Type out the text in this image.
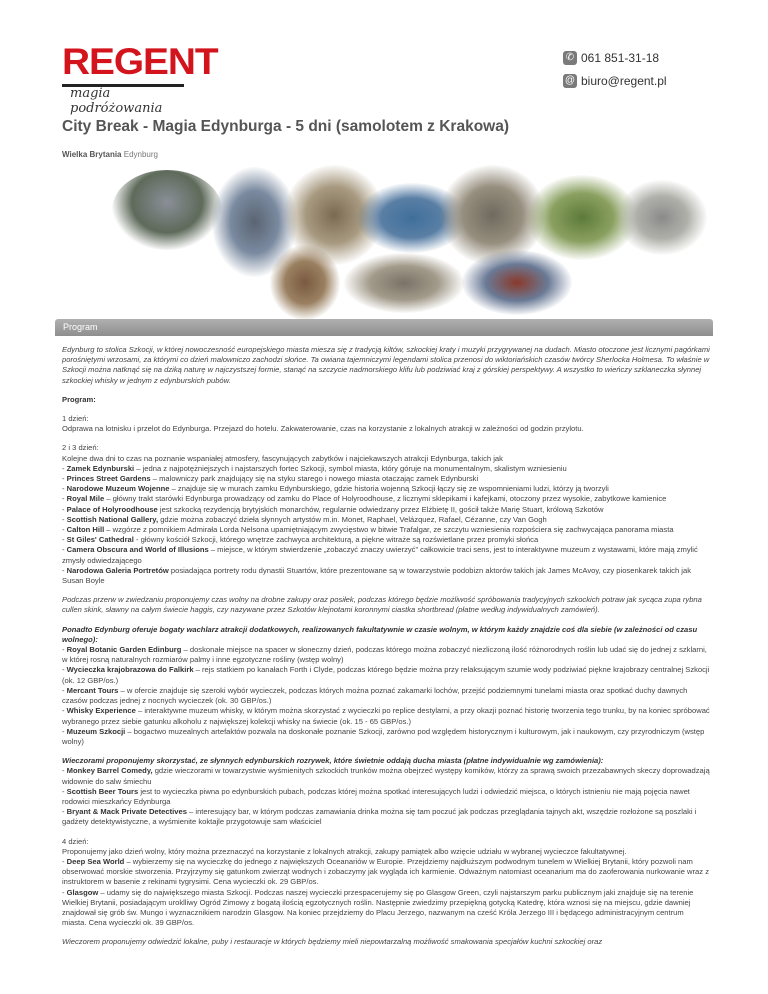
REGENT
magia podróżowania
✆ 061 851-31-18
@ biuro@regent.pl
City Break - Magia Edynburga - 5 dni (samolotem z Krakowa)
Wielka Brytania Edynburg
Program

Edynburg to stolica Szkocji, w której nowoczesność europejskiego miasta miesza się z tradycją kiltów, szkockiej kraty i muzyki przygrywanej na dudach. Miasto otoczone jest licznymi pagórkami porośniętymi wrzosami, za którymi co dzień malowniczo zachodzi słońce. Ta owiana tajemniczymi legendami stolica przenosi do wiktoriańskich czasów twórcy Sherlocka Holmesa. To właśnie w Szkocji można natknąć się na dziką naturę w najczystszej formie, stanąć na szczycie nadmorskiego klifu lub podziwiać kraj z górskiej perspektywy. A wszystko to wieńczy szklaneczka słynnej szkockiej whisky w jednym z edynburskich pubów.

Program:

1 dzień:
Odprawa na lotnisku i przelot do Edynburga. Przejazd do hotelu. Zakwaterowanie, czas na korzystanie z lokalnych atrakcji w zależności od godzin przylotu.

2 i 3 dzień:
Kolejne dwa dni to czas na poznanie wspaniałej atmosfery, fascynujących zabytków i najciekawszych atrakcji Edynburga, takich jak
- Zamek Edynburski – jedna z najpotężniejszych i najstarszych fortec Szkocji, symbol miasta, który góruje na monumentalnym, skalistym wzniesieniu
- Princes Street Gardens – malowniczy park znajdujący się na styku starego i nowego miasta otaczając zamek Edynburski
- Narodowe Muzeum Wojenne – znajduje się w murach zamku Edynburskiego, gdzie historia wojenną Szkocji łączy się ze wspomnieniami ludzi, którzy ją tworzyli
- Royal Mile – główny trakt starówki Edynburga prowadzący od zamku do Place of Holyroodhouse, z licznymi sklepikami i kafejkami, otoczony przez wysokie, zabytkowe kamienice
- Palace of Holyroodhouse jest szkocką rezydencją brytyjskich monarchów, regularnie odwiedzany przez Elżbietę II, gościł także Marię Stuart, królową Szkotów
- Scottish National Gallery, gdzie można zobaczyć dzieła słynnych artystów m.in. Monet, Raphael, Velázquez, Rafael, Cézanne, czy Van Gogh
- Calton Hill – wzgórze z pomnikiem Admirała Lorda Nelsona upamiętniającym zwycięstwo w bitwie Trafalgar, ze szczytu wzniesienia rozpościera się zachwycająca panorama miasta
- St Giles' Cathedral - główny kościół Szkocji, którego wnętrze zachwyca architekturą, a piękne witraże są rozświetlane przez promyki słońca
- Camera Obscura and World of Illusions – miejsce, w którym stwierdzenie „zobaczyć znaczy uwierzyć” całkowicie traci sens, jest to interaktywne muzeum z wystawami, które mają zmylić zmysły odwiedzającego
- Narodowa Galeria Portretów posiadająca portrety rodu dynastii Stuartów, które prezentowane są w towarzystwie podobizn aktorów takich jak James McAvoy, czy piosenkarek takich jak Susan Boyle

Podczas przerw w zwiedzaniu proponujemy czas wolny na drobne zakupy oraz posiłek, podczas którego będzie możliwość spróbowania tradycyjnych szkockich potraw jak sycąca zupa rybna cullen skink, sławny na całym świecie haggis, czy nazywane przez Szkotów klejnotami koronnymi ciastka shortbread (płatne według indywidualnych zamówień).

Ponadto Edynburg oferuje bogaty wachlarz atrakcji dodatkowych, realizowanych fakultatywnie w czasie wolnym, w którym każdy znajdzie coś dla siebie (w zależności od czasu wolnego):
- Royal Botanic Garden Edinburg – doskonałe miejsce na spacer w słoneczny dzień, podczas którego można zobaczyć niezliczoną ilość różnorodnych roślin lub udać się do jednej z szklarni, w której rosną naturalnych rozmiarów palmy i inne egzotyczne rośliny (wstęp wolny)
- Wycieczka krajobrazowa do Falkirk – rejs statkiem po kanałach Forth i Clyde, podczas którego będzie można przy relaksującym szumie wody podziwiać piękne krajobrazy centralnej Szkocji (ok. 12 GBP/os.)
- Mercant Tours – w ofercie znajduje się szeroki wybór wycieczek, podczas których można poznać zakamarki lochów, przejść podziemnymi tunelami miasta oraz spotkać duchy dawnych czasów podczas jednej z nocnych wycieczek (ok. 30 GBP/os.)
- Whisky Experience – interaktywne muzeum whisky, w którym można skorzystać z wycieczki po replice destylarni, a przy okazji poznać historię tworzenia tego trunku, by na koniec spróbować wybranego przez siebie gatunku alkoholu z największej kolekcji whisky na świecie (ok. 15 - 65 GBP/os.)
- Muzeum Szkocji – bogactwo muzealnych artefaktów pozwala na doskonałe poznanie Szkocji, zarówno pod względem historycznym i kulturowym, jak i naukowym, czy przyrodniczym (wstęp wolny)

Wieczorami proponujemy skorzystać, ze słynnych edynburskich rozrywek, które świetnie oddają ducha miasta (płatne indywidualnie wg zamówienia):
- Monkey Barrel Comedy, gdzie wieczorami w towarzystwie wyśmienitych szkockich trunków można obejrzeć występy komików, którzy za sprawą swoich przezabawnych skeczy doprowadzają widownie do salw śmiechu
- Scottish Beer Tours jest to wycieczka piwna po edynburskich pubach, podczas której można spotkać interesujących ludzi i odwiedzić miejsca, o których istnieniu nie mają pojęcia nawet rodowici mieszkańcy Edynburga
- Bryant & Mack Private Detectives – interesujący bar, w którym podczas zamawiania drinka można się tam poczuć jak podczas przeglądania tajnych akt, wszędzie rozłożone są poszlaki i gadżety detektywistyczne, a wyśmienite koktajle przygotowuje sam właściciel

4 dzień:
Proponujemy jako dzień wolny, który można przeznaczyć na korzystanie z lokalnych atrakcji, zakupy pamiątek albo wzięcie udziału w wybranej wycieczce fakultatywnej.
- Deep Sea World – wybierzemy się na wycieczkę do jednego z największych Oceanariów w Europie. Przejdziemy najdłuższym podwodnym tunelem w Wielkiej Brytanii, który pozwoli nam obserwować morskie stworzenia. Przyjrzymy się gatunkom zwierząt wodnych i zobaczymy jak wygląda ich karmienie. Odważnym natomiast oceanarium ma do zaoferowania nurkowanie wraz z instruktorem w basenie z rekinami tygrysimi. Cena wycieczki ok. 29 GBP/os.
- Glasgow – udamy się do największego miasta Szkocji. Podczas naszej wycieczki przespacerujemy się po Glasgow Green, czyli najstarszym parku publicznym jaki znajduje się na terenie Wielkiej Brytanii, posiadającym uroklliwy Ogród Zimowy z bogatą ilością egzotycznych roślin. Następnie zwiedzimy przepiękną gotycką Katedrę, która wznosi się na miejscu, gdzie dawniej znajdował się grób św. Mungo i wyznacznikiem narodzin Glasgow. Na koniec przejdziemy do Placu Jerzego, nazwanym na cześć Króla Jerzego III i będącego administracyjnym centrum miasta. Cena wycieczki ok. 39 GBP/os.

Wieczorem proponujemy odwiedzić lokalne, puby i restauracje w których będziemy mieli niepowtarzalną możliwość smakowania specjałów kuchni szkockiej oraz
